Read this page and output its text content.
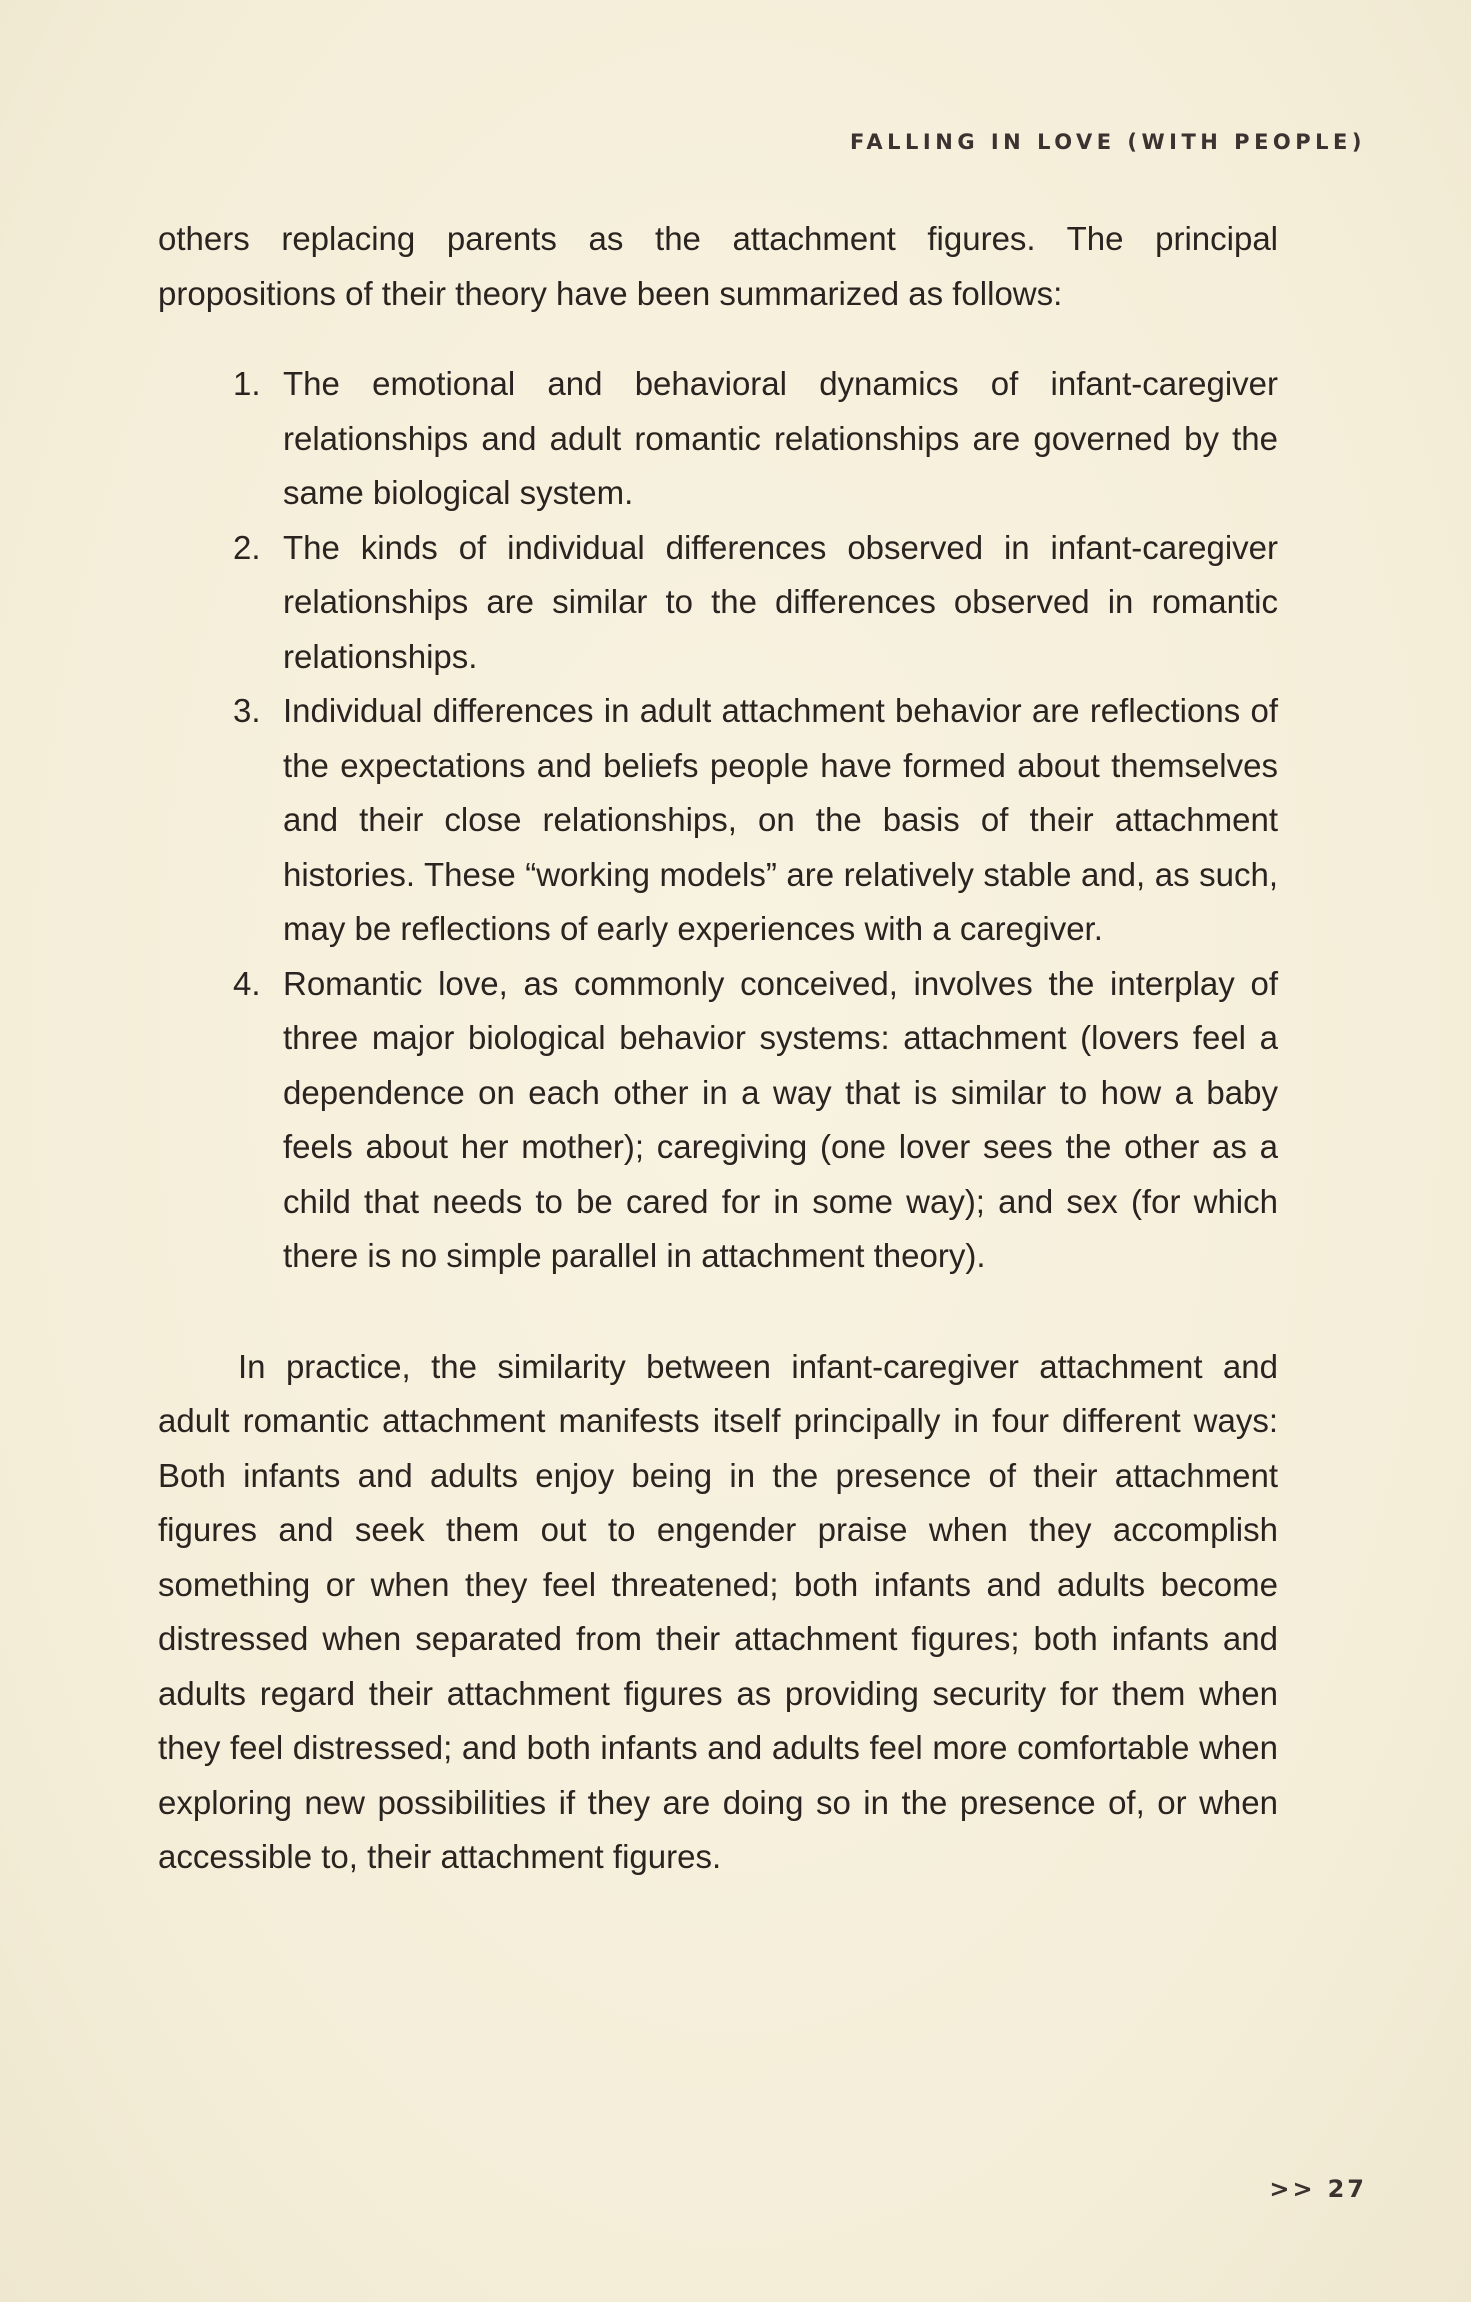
FALLING IN LOVE (WITH PEOPLE)

others replacing parents as the attachment figures. The principal propositions of their theory have been summarized as follows:

1. The emotional and behavioral dynamics of infant-caregiver relationships and adult romantic relationships are governed by the same biological system.
2. The kinds of individual differences observed in infant-caregiver relationships are similar to the differences observed in romantic relationships.
3. Individual differences in adult attachment behavior are reflections of the expectations and beliefs people have formed about themselves and their close relationships, on the basis of their attachment histories. These “working models” are relatively stable and, as such, may be reflections of early experiences with a caregiver.
4. Romantic love, as commonly conceived, involves the interplay of three major biological behavior systems: attachment (lovers feel a dependence on each other in a way that is similar to how a baby feels about her mother); caregiving (one lover sees the other as a child that needs to be cared for in some way); and sex (for which there is no simple parallel in attachment theory).

In practice, the similarity between infant-caregiver attachment and adult romantic attachment manifests itself principally in four different ways: Both infants and adults enjoy being in the presence of their attachment figures and seek them out to engender praise when they accomplish something or when they feel threatened; both infants and adults become distressed when separated from their attachment figures; both infants and adults regard their attachment figures as providing security for them when they feel distressed; and both infants and adults feel more comfortable when exploring new possibilities if they are doing so in the presence of, or when accessible to, their attachment figures.

>> 27
